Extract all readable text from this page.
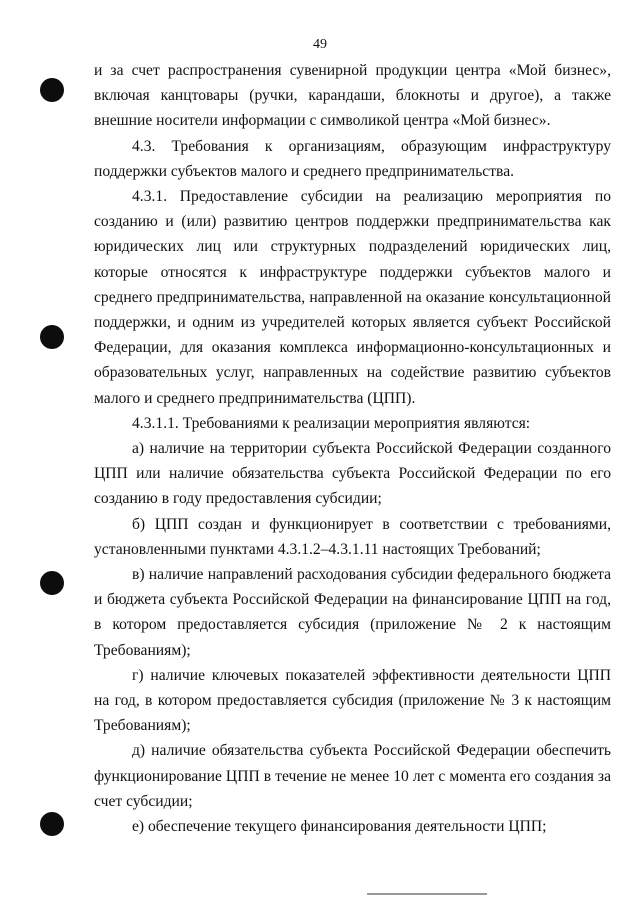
49

и за счет распространения сувенирной продукции центра «Мой бизнес», включая канцтовары (ручки, карандаши, блокноты и другое), а также внешние носители информации с символикой центра «Мой бизнес».

4.3. Требования к организациям, образующим инфраструктуру поддержки субъектов малого и среднего предпринимательства.

4.3.1. Предоставление субсидии на реализацию мероприятия по созданию и (или) развитию центров поддержки предпринимательства как юридических лиц или структурных подразделений юридических лиц, которые относятся к инфраструктуре поддержки субъектов малого и среднего предпринимательства, направленной на оказание консультационной поддержки, и одним из учредителей которых является субъект Российской Федерации, для оказания комплекса информационно-консультационных и образовательных услуг, направленных на содействие развитию субъектов малого и среднего предпринимательства (ЦПП).

4.3.1.1. Требованиями к реализации мероприятия являются:

а) наличие на территории субъекта Российской Федерации созданного ЦПП или наличие обязательства субъекта Российской Федерации по его созданию в году предоставления субсидии;

б) ЦПП создан и функционирует в соответствии с требованиями, установленными пунктами 4.3.1.2–4.3.1.11 настоящих Требований;

в) наличие направлений расходования субсидии федерального бюджета и бюджета субъекта Российской Федерации на финансирование ЦПП на год, в котором предоставляется субсидия (приложение № 2 к настоящим Требованиям);

г) наличие ключевых показателей эффективности деятельности ЦПП на год, в котором предоставляется субсидия (приложение № 3 к настоящим Требованиям);

д) наличие обязательства субъекта Российской Федерации обеспечить функционирование ЦПП в течение не менее 10 лет с момента его создания за счет субсидии;

е) обеспечение текущего финансирования деятельности ЦПП;
